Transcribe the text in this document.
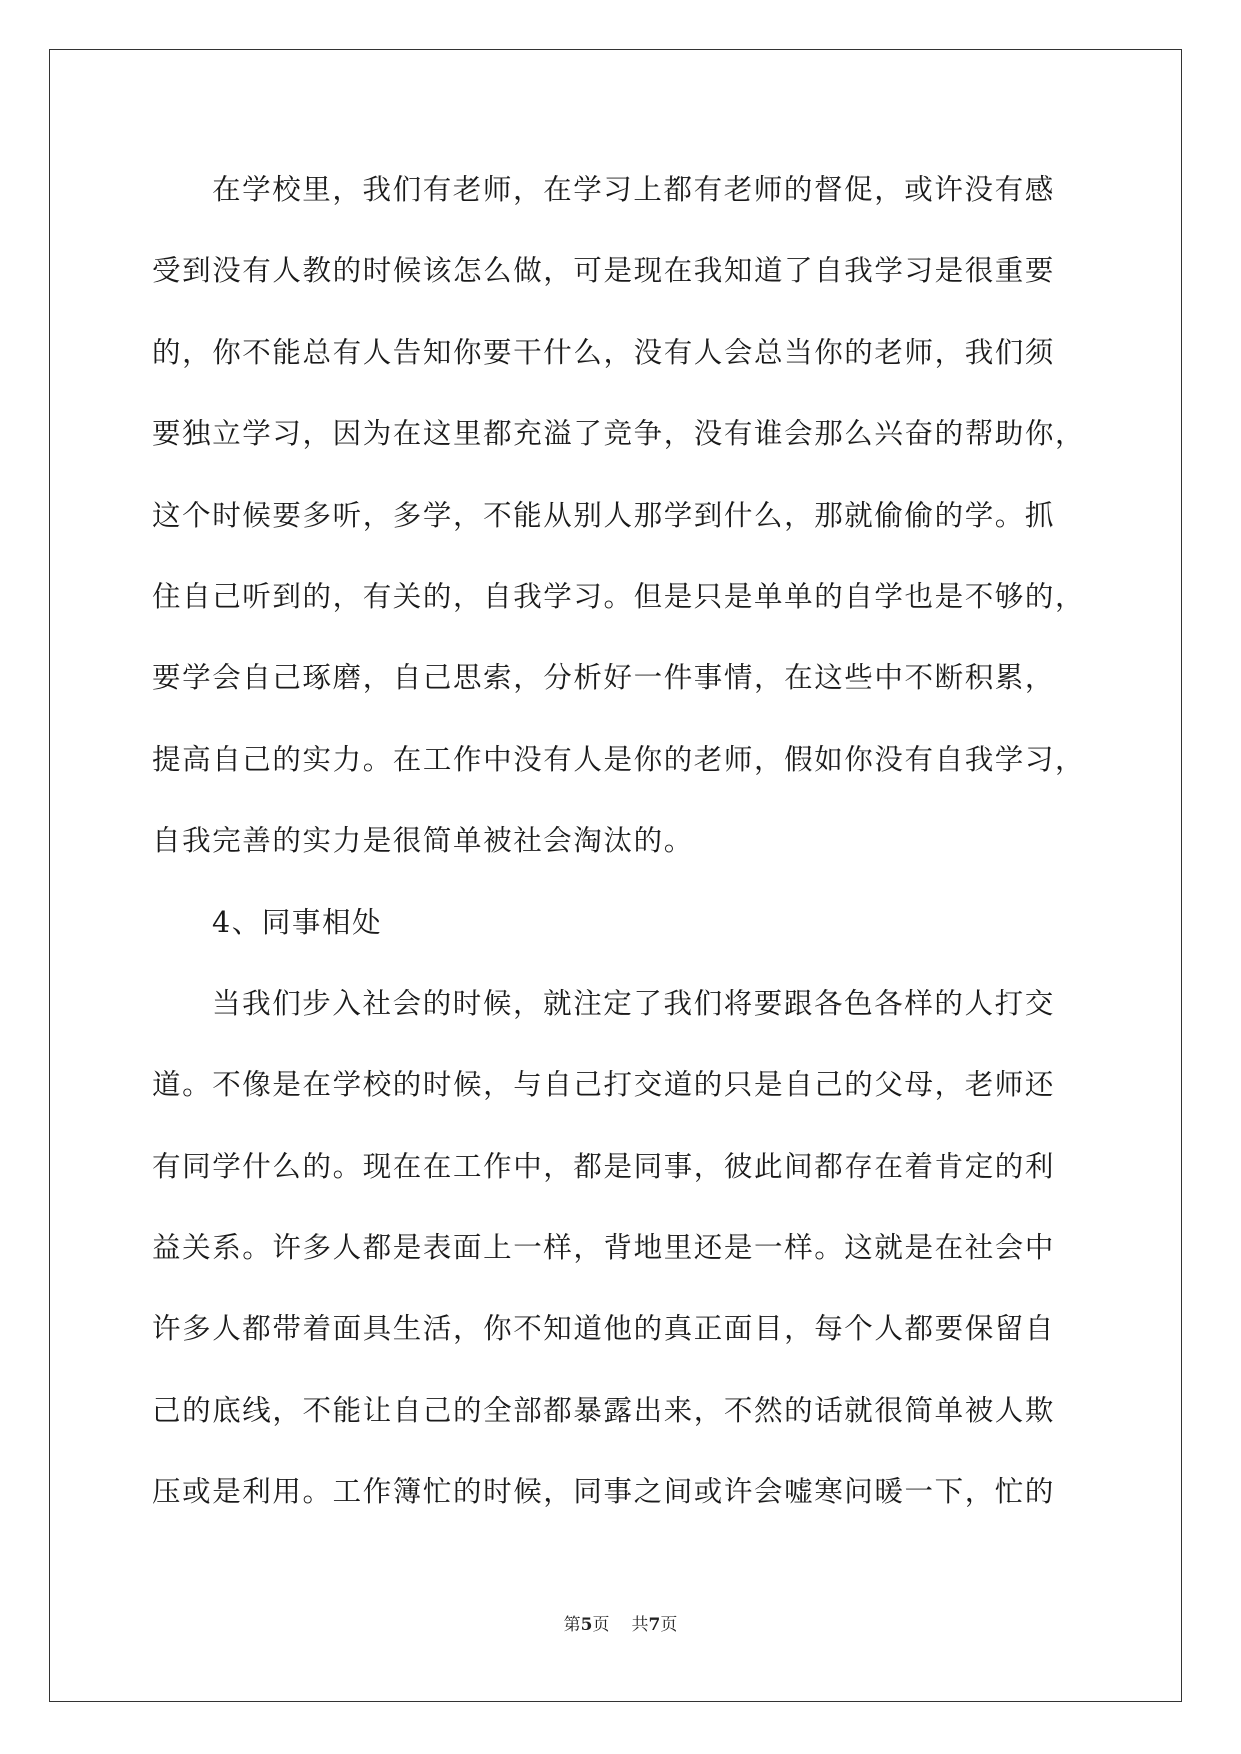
在学校里，我们有老师，在学习上都有老师的督促，或许没有感
受到没有人教的时候该怎么做，可是现在我知道了自我学习是很重要
的，你不能总有人告知你要干什么，没有人会总当你的老师，我们须
要独立学习，因为在这里都充溢了竞争，没有谁会那么兴奋的帮助你，
这个时候要多听，多学，不能从别人那学到什么，那就偷偷的学。抓
住自己听到的，有关的，自我学习。但是只是单单的自学也是不够的，
要学会自己琢磨，自己思索，分析好一件事情，在这些中不断积累，
提高自己的实力。在工作中没有人是你的老师，假如你没有自我学习，
自我完善的实力是很简单被社会淘汰的。
4、同事相处
当我们步入社会的时候，就注定了我们将要跟各色各样的人打交
道。不像是在学校的时候，与自己打交道的只是自己的父母，老师还
有同学什么的。现在在工作中，都是同事，彼此间都存在着肯定的利
益关系。许多人都是表面上一样，背地里还是一样。这就是在社会中
许多人都带着面具生活，你不知道他的真正面目，每个人都要保留自
己的底线，不能让自己的全部都暴露出来，不然的话就很简单被人欺
压或是利用。工作簿忙的时候，同事之间或许会嘘寒问暖一下，忙的
第5页 共7页
